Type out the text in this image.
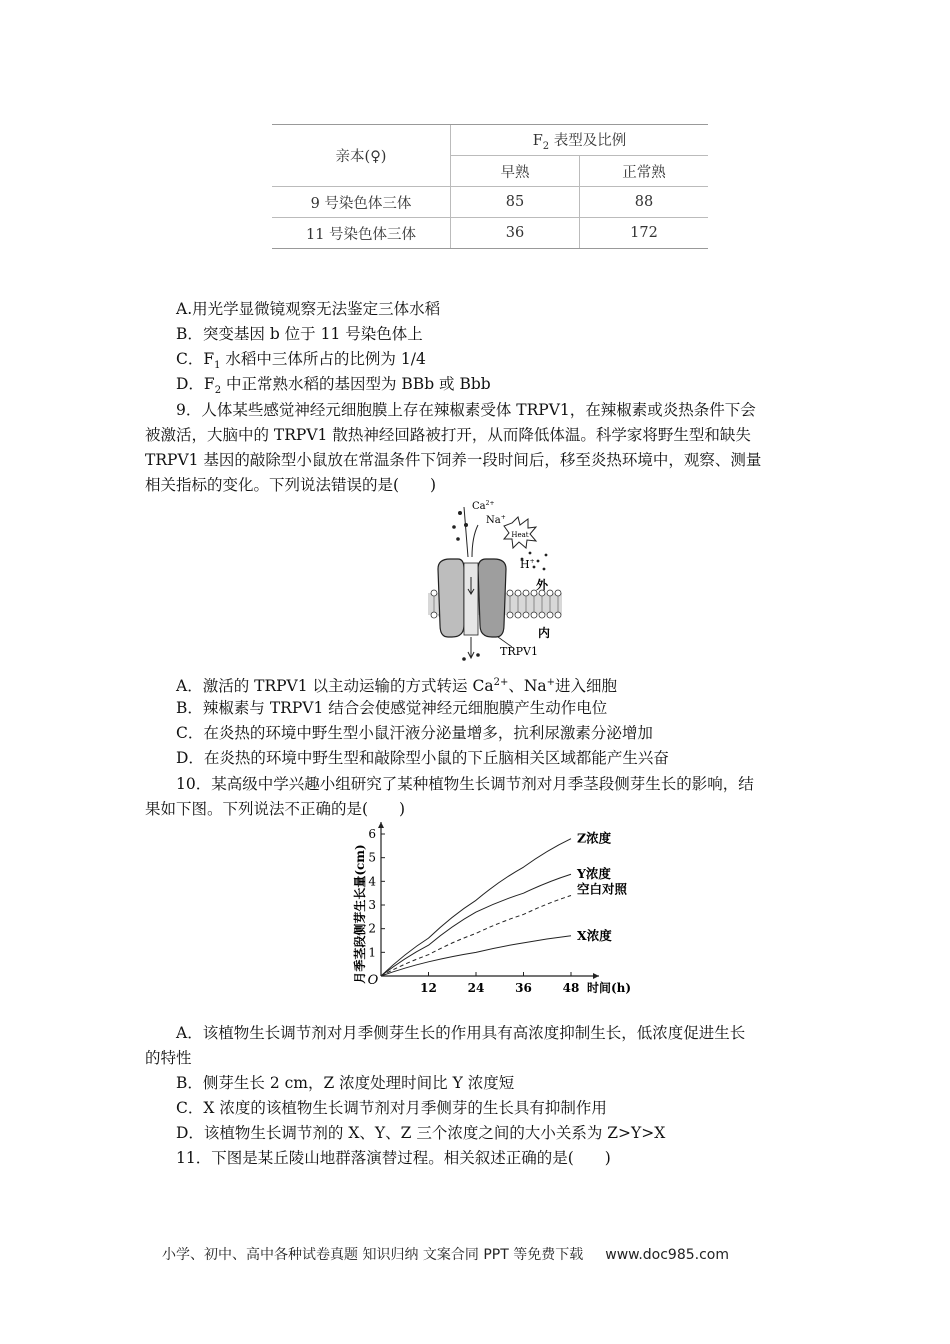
亲本(♀)	$F_2$ 表型及比例	
	早熟	正常熟
9 号染色体三体	85	88
11 号染色体三体	36	172
A.用光学显微镜观察无法鉴定三体水稻
B．突变基因 b 位于 11 号染色体上
C．$F_1$ 水稻中三体所占的比例为 1/4
D．$F_2$ 中正常熟水稻的基因型为 BBb 或 Bbb
9．人体某些感觉神经元细胞膜上存在辣椒素受体 TRPV1，在辣椒素或炎热条件下会
被激活，大脑中的 TRPV1 散热神经回路被打开，从而降低体温。科学家将野生型和缺失
TRPV1 基因的敲除型小鼠放在常温条件下饲养一段时间后，移至炎热环境中，观察、测量
相关指标的变化。下列说法错误的是(　　)
Heat
$Ca^{2+}$
Na+
H+
外
内
TRPV1
A．激活的 TRPV1 以主动运输的方式转运 $Ca^{2+}$、Na+进入细胞
B．辣椒素与 TRPV1 结合会使感觉神经元细胞膜产生动作电位
C．在炎热的环境中野生型小鼠汗液分泌量增多，抗利尿激素分泌增加
D．在炎热的环境中野生型和敲除型小鼠的下丘脑相关区域都能产生兴奋
10．某高级中学兴趣小组研究了某种植物生长调节剂对月季茎段侧芽生长的影响，结
果如下图。下列说法不正确的是(　　)
月季茎段侧芽生长量(cm) 1
2
3
4
5
6
12	24	36	48
O	时间(h)
Z浓度
Y浓度
空白对照
X浓度
A．该植物生长调节剂对月季侧芽生长的作用具有高浓度抑制生长，低浓度促进生长
的特性
B．侧芽生长 2 cm，Z 浓度处理时间比 Y 浓度短
C．X 浓度的该植物生长调节剂对月季侧芽的生长具有抑制作用
D．该植物生长调节剂的 X、Y、Z 三个浓度之间的大小关系为 Z>Y>X
11．下图是某丘陵山地群落演替过程。相关叙述正确的是(　　)
小学、初中、高中各种试卷真题 知识归纳 文案合同 PPT 等免费下载 www.doc985.com
